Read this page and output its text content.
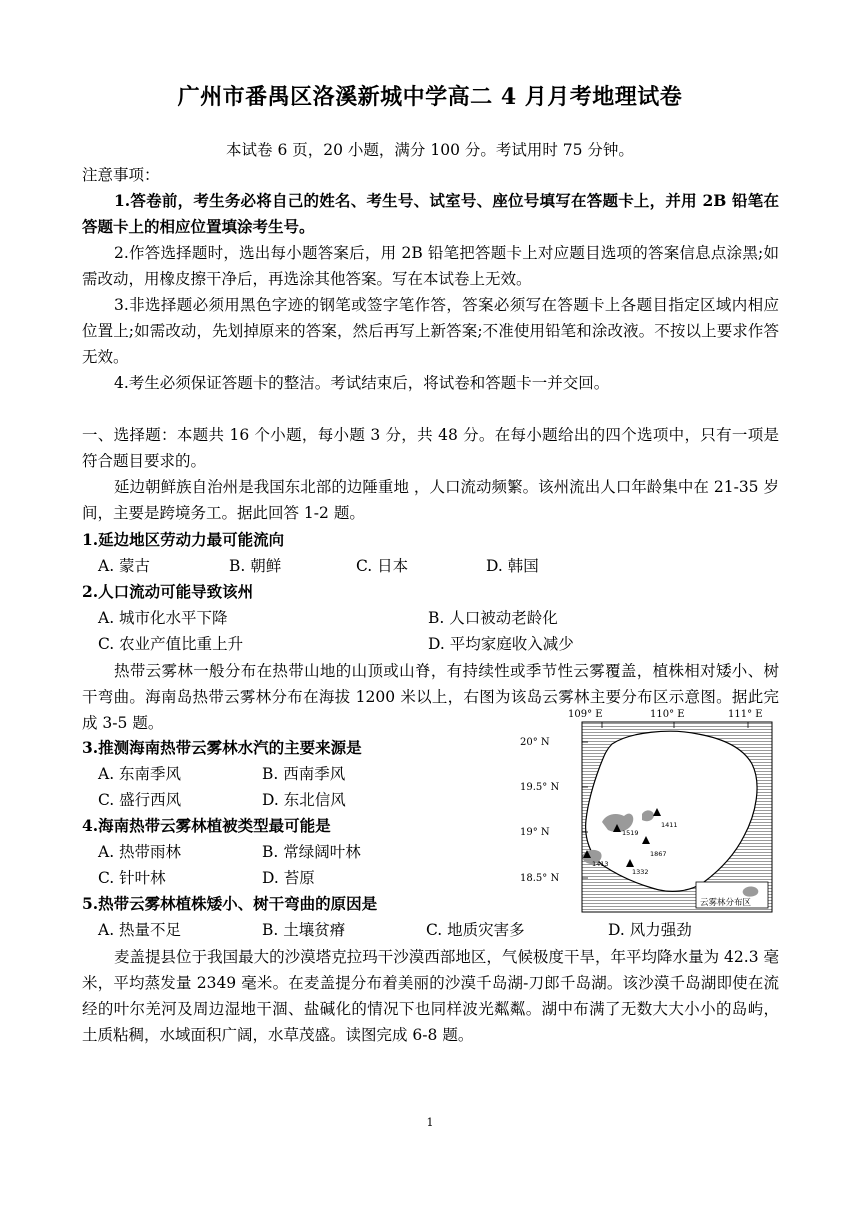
广州市番禺区洛溪新城中学高二 4 月月考地理试卷
本试卷 6 页，20 小题，满分 100 分。考试用时 75 分钟。
注意事项：
1.答卷前，考生务必将自己的姓名、考生号、试室号、座位号填写在答题卡上，并用 2B 铅笔在答题卡上的相应位置填涂考生号。
2.作答选择题时，选出每小题答案后，用 2B 铅笔把答题卡上对应题目选项的答案信息点涂黑;如需改动，用橡皮擦干净后，再选涂其他答案。写在本试卷上无效。
3.非选择题必须用黑色字迹的钢笔或签字笔作答，答案必须写在答题卡上各题目指定区域内相应位置上;如需改动，先划掉原来的答案，然后再写上新答案;不准使用铅笔和涂改液。不按以上要求作答无效。
4.考生必须保证答题卡的整洁。考试结束后，将试卷和答题卡一并交回。
一、选择题：本题共 16 个小题，每小题 3 分，共 48 分。在每小题给出的四个选项中，只有一项是符合题目要求的。
延边朝鲜族自治州是我国东北部的边陲重地 ，人口流动频繁。该州流出人口年龄集中在 21-35 岁间，主要是跨境务工。据此回答 1-2 题。
1.延边地区劳动力最可能流向
A. 蒙古	B. 朝鲜	C. 日本	D. 韩国
2.人口流动可能导致该州
A. 城市化水平下降	B. 人口被动老龄化
C. 农业产值比重上升	D. 平均家庭收入减少
热带云雾林一般分布在热带山地的山顶或山脊，有持续性或季节性云雾覆盖，植株相对矮小、树干弯曲。海南岛热带云雾林分布在海拔 1200 米以上，右图为该岛云雾林主要分布区示意图。据此完成 3-5 题。
3.推测海南热带云雾林水汽的主要来源是
A. 东南季风	B. 西南季风
C. 盛行西风	D. 东北信风
4.海南热带云雾林植被类型最可能是
A. 热带雨林	B. 常绿阔叶林
C. 针叶林	D. 苔原
5.热带云雾林植株矮小、树干弯曲的原因是
A. 热量不足	B. 土壤贫瘠	C. 地质灾害多	D. 风力强劲
麦盖提县位于我国最大的沙漠塔克拉玛干沙漠西部地区，气候极度干旱，年平均降水量为 42.3 毫米，平均蒸发量 2349 毫米。在麦盖提分布着美丽的沙漠千岛湖-刀郎千岛湖。该沙漠千岛湖即使在流经的叶尔羌河及周边湿地干涸、盐碱化的情况下也同样波光粼粼。湖中布满了无数大大小小的岛屿，土质粘稠，水域面积广阔，水草茂盛。读图完成 6-8 题。
109° E	110° E	111° E
20° N
19.5° N
19° N
18.5° N
1411
1519
1867
1413
1332
云雾林分布区
1
